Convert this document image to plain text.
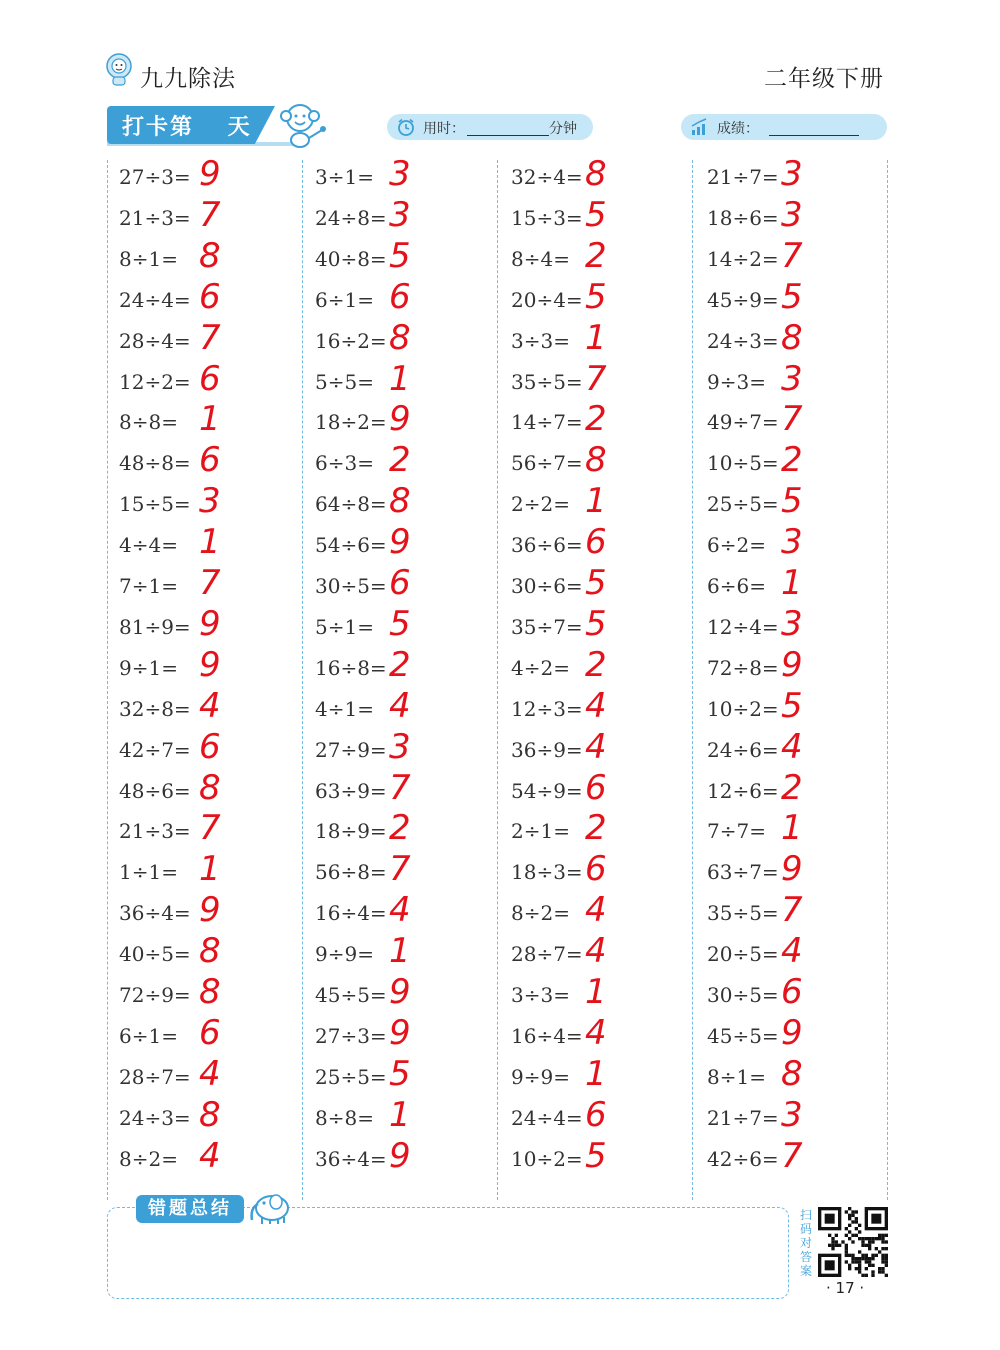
九九除法	二年级下册
打卡第　 天	用时：	分钟	成绩：
27÷3= 9
21÷3= 7
8÷1= 8
24÷4= 6
28÷4= 7
12÷2= 6
8÷8= 1
48÷8= 6
15÷5= 3
4÷4= 1
7÷1= 7
81÷9= 9
9÷1= 9
32÷8= 4
42÷7= 6
48÷6= 8
21÷3= 7
1÷1= 1
36÷4= 9
40÷5= 8
72÷9= 8
6÷1= 6
28÷7= 4
24÷3= 8
8÷2= 4
3÷1= 3
24÷8= 3
40÷8= 5
6÷1= 6
16÷2= 8
5÷5= 1
18÷2= 9
6÷3= 2
64÷8= 8
54÷6= 9
30÷5= 6
5÷1= 5
16÷8= 2
4÷1= 4
27÷9= 3
63÷9= 7
18÷9= 2
56÷8= 7
16÷4= 4
9÷9= 1
45÷5= 9
27÷3= 9
25÷5= 5
8÷8= 1
36÷4= 9
32÷4= 8
15÷3= 5
8÷4= 2
20÷4= 5
3÷3= 1
35÷5= 7
14÷7= 2
56÷7= 8
2÷2= 1
36÷6= 6
30÷6= 5
35÷7= 5
4÷2= 2
12÷3= 4
36÷9= 4
54÷9= 6
2÷1= 2
18÷3= 6
8÷2= 4
28÷7= 4
3÷3= 1
16÷4= 4
9÷9= 1
24÷4= 6
10÷2= 5
21÷7= 3
18÷6= 3
14÷2= 7
45÷9= 5
24÷3= 8
9÷3= 3
49÷7= 7
10÷5= 2
25÷5= 5
6÷2= 3
6÷6= 1
12÷4= 3
72÷8= 9
10÷2= 5
24÷6= 4
12÷6= 2
7÷7= 1
63÷7= 9
35÷5= 7
20÷5= 4
30÷5= 6
45÷5= 9
8÷1= 8
21÷7= 3
42÷6= 7
错题总结	扫码对答案
· 17 ·
